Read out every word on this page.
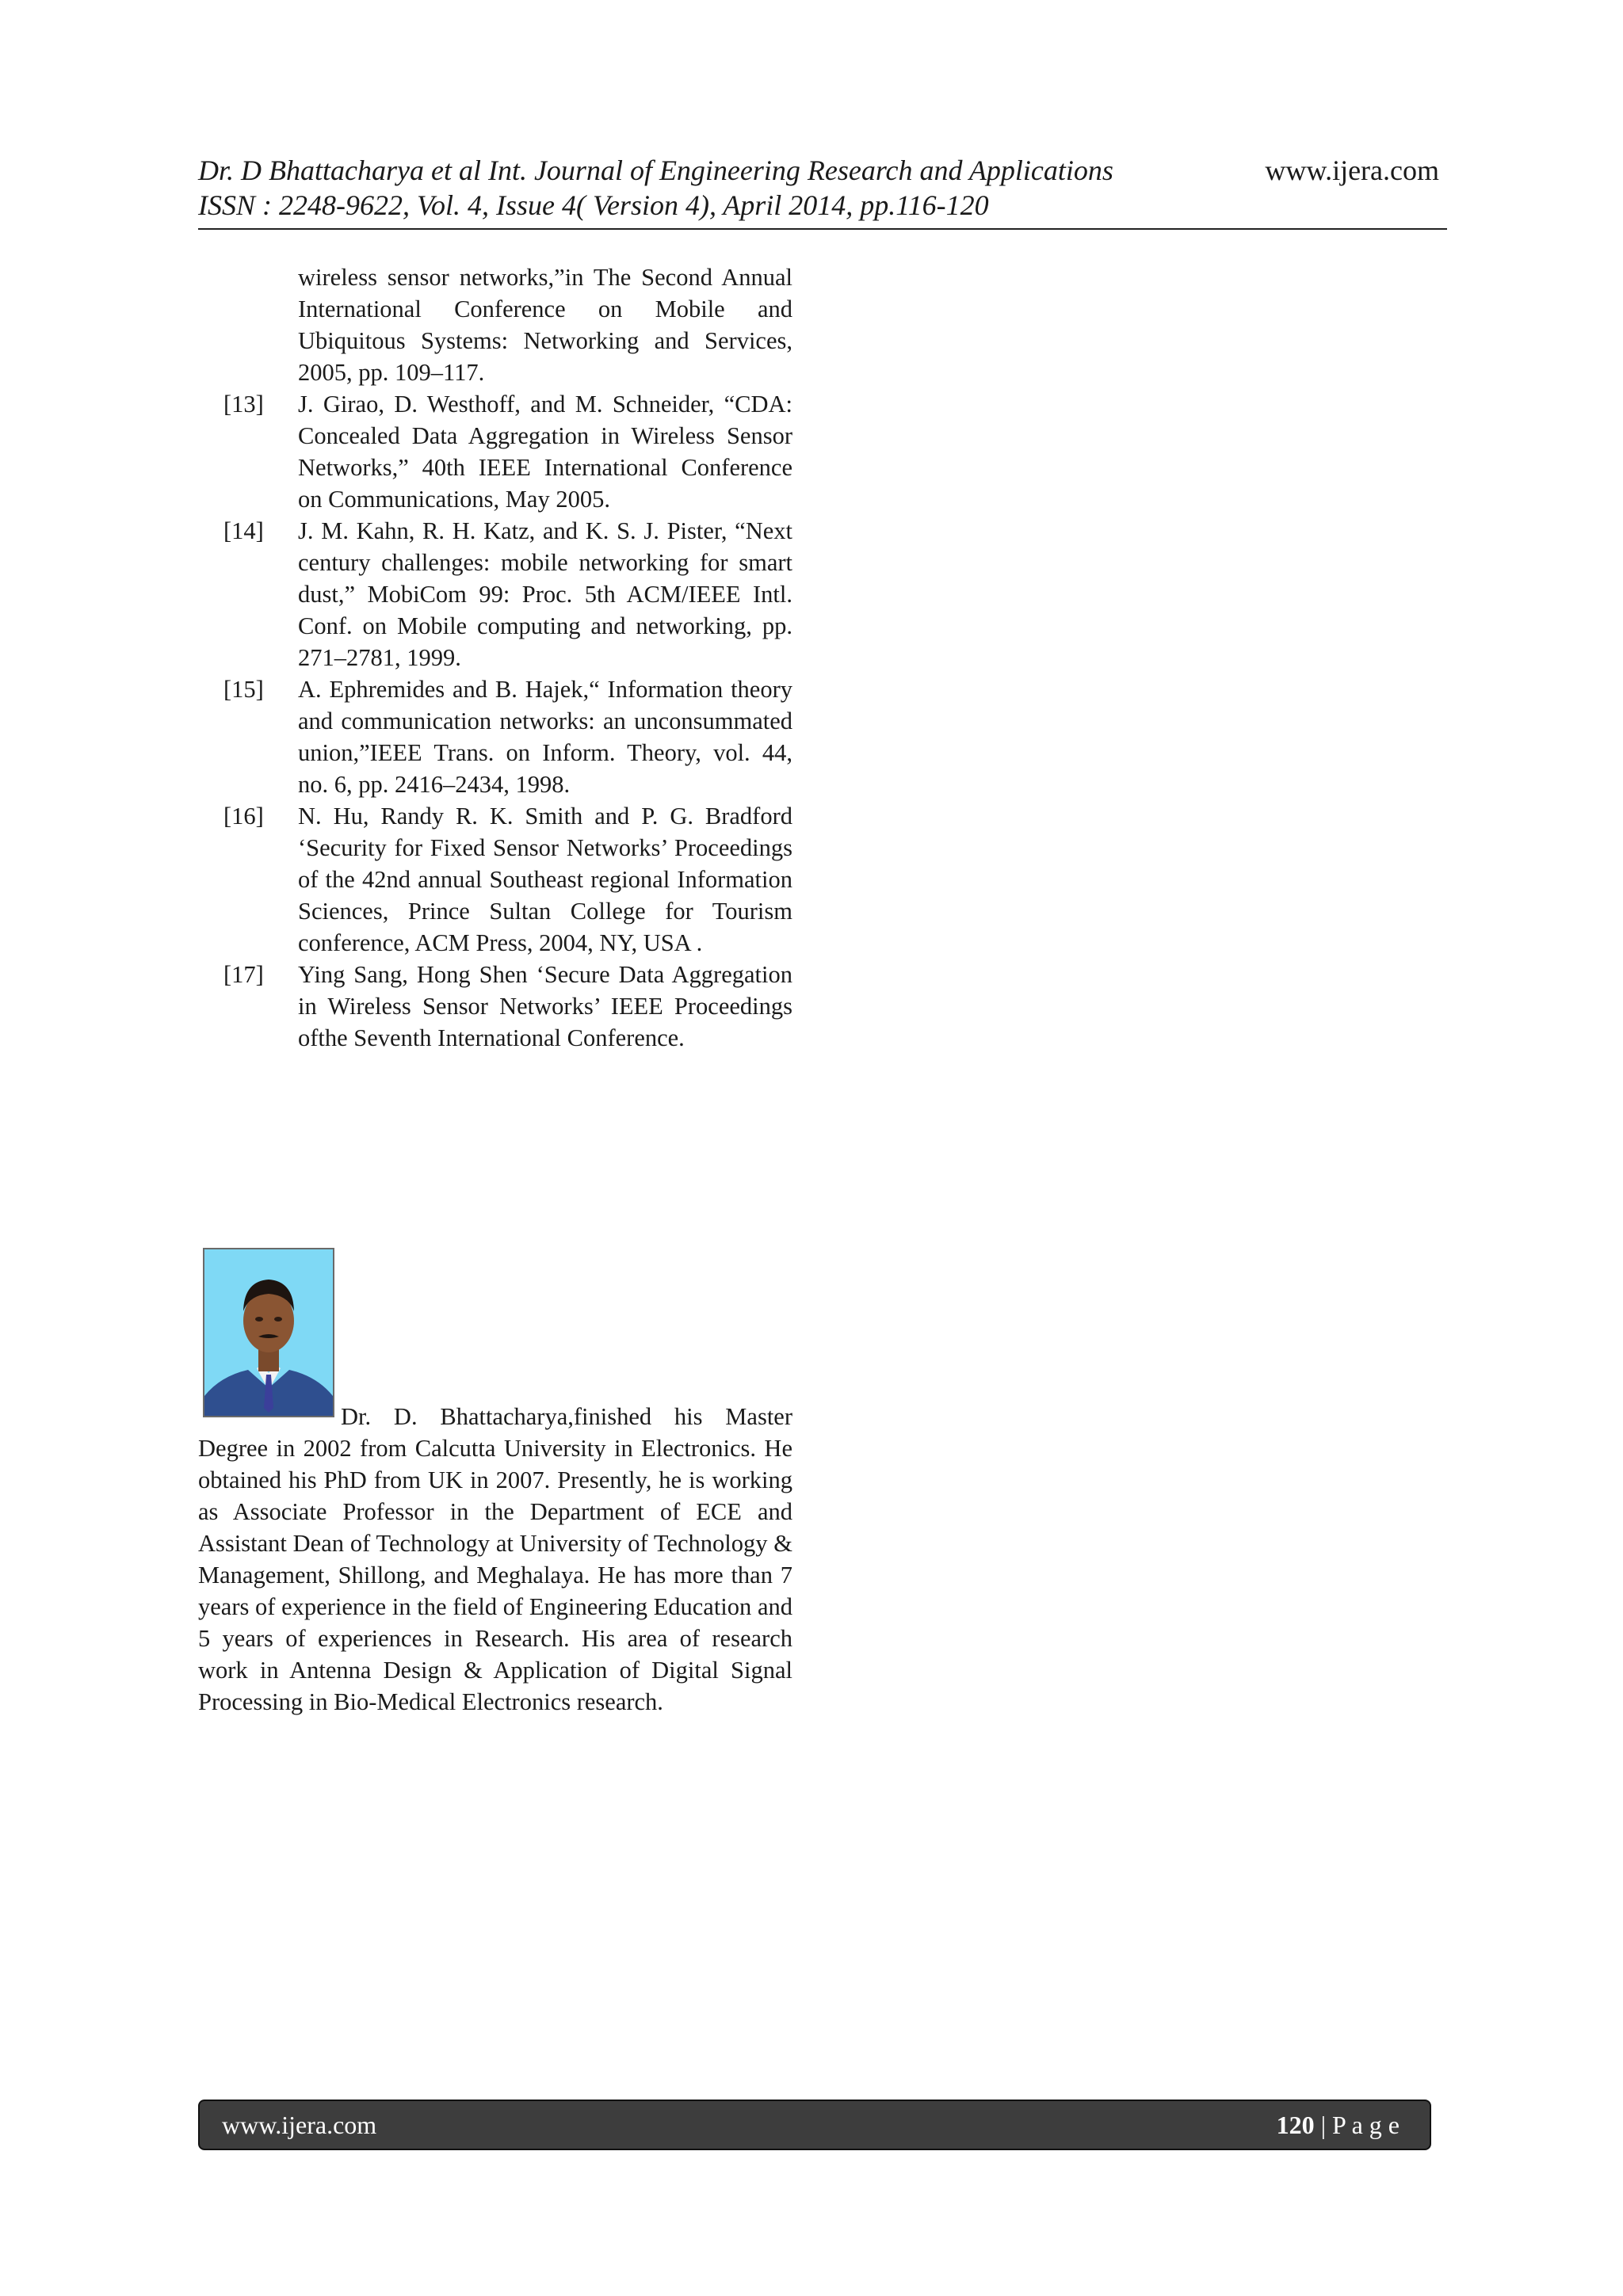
Dr. D Bhattacharya et al Int. Journal of Engineering Research and Applications
ISSN : 2248-9622, Vol. 4, Issue 4( Version 4), April 2014, pp.116-120
www.ijera.com
wireless sensor networks,”in The Second Annual International Conference on Mobile and Ubiquitous Systems: Networking and Services, 2005, pp. 109–117.
[13] J. Girao, D. Westhoff, and M. Schneider, “CDA: Concealed Data Aggregation in Wireless Sensor Networks,” 40th IEEE International Conference on Communications, May 2005.
[14] J. M. Kahn, R. H. Katz, and K. S. J. Pister, “Next century challenges: mobile networking for smart dust,” MobiCom 99: Proc. 5th ACM/IEEE Intl. Conf. on Mobile computing and networking, pp. 271–2781, 1999.
[15] A. Ephremides and B. Hajek,“ Information theory and communication networks: an unconsummated union,”IEEE Trans. on Inform. Theory, vol. 44, no. 6, pp. 2416–2434, 1998.
[16] N. Hu, Randy R. K. Smith and P. G. Bradford ‘Security for Fixed Sensor Networks’ Proceedings of the 42nd annual Southeast regional Information Sciences, Prince Sultan College for Tourism conference, ACM Press, 2004, NY, USA .
[17] Ying Sang, Hong Shen ‘Secure Data Aggregation in Wireless Sensor Networks’ IEEE Proceedings ofthe Seventh International Conference.
Dr. D. Bhattacharya,finished his Master Degree in 2002 from Calcutta University in Electronics. He obtained his PhD from UK in 2007. Presently, he is working as Associate Professor in the Department of ECE and Assistant Dean of Technology at University of Technology & Management, Shillong, and Meghalaya. He has more than 7 years of experience in the field of Engineering Education and 5 years of experiences in Research. His area of research work in Antenna Design & Application of Digital Signal Processing in Bio-Medical Electronics research.
www.ijera.com	120 | P a g e
